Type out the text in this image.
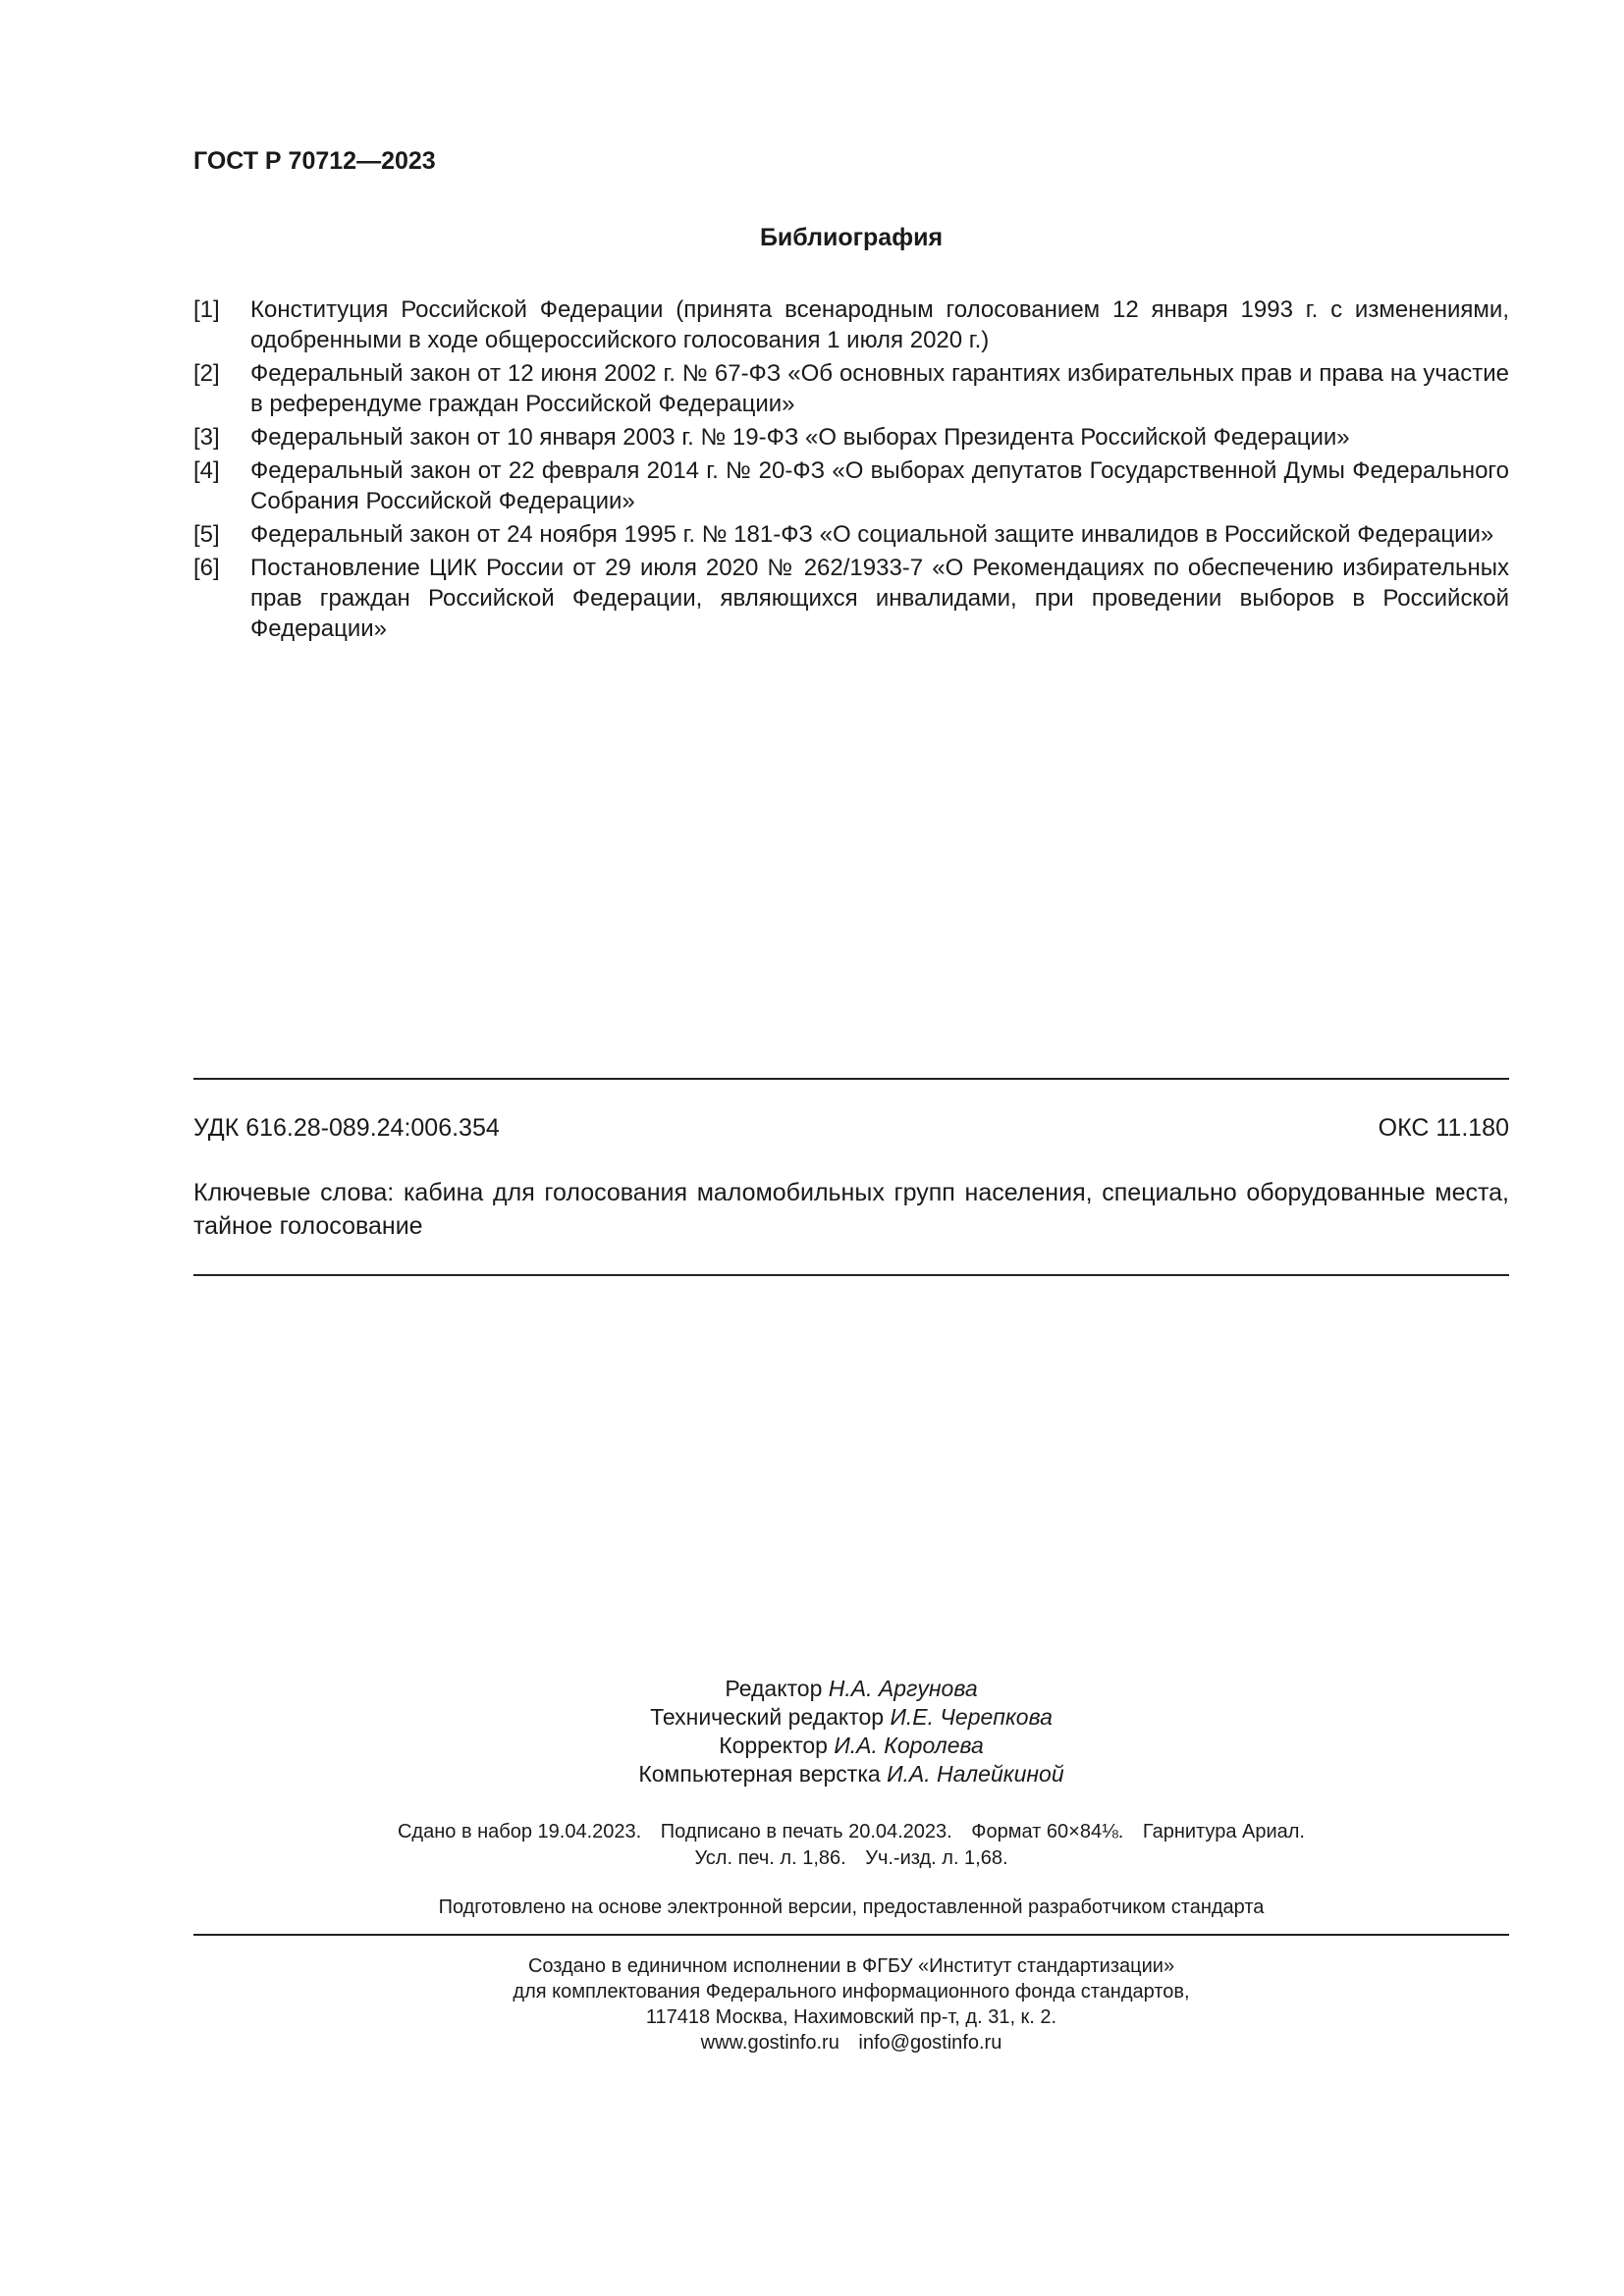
ГОСТ Р 70712—2023
Библиография
[1]	Конституция Российской Федерации (принята всенародным голосованием 12 января 1993 г. с изменениями, одобренными в ходе общероссийского голосования 1 июля 2020 г.)
[2]	Федеральный закон от 12 июня 2002 г. № 67-ФЗ «Об основных гарантиях избирательных прав и права на участие в референдуме граждан Российской Федерации»
[3]	Федеральный закон от 10 января 2003 г. № 19-ФЗ «О выборах Президента Российской Федерации»
[4]	Федеральный закон от 22 февраля 2014 г. № 20-ФЗ «О выборах депутатов Государственной Думы Федерального Собрания Российской Федерации»
[5]	Федеральный закон от 24 ноября 1995 г. № 181-ФЗ «О социальной защите инвалидов в Российской Федерации»
[6]	Постановление ЦИК России от 29 июля 2020 № 262/1933-7 «О Рекомендациях по обеспечению избирательных прав граждан Российской Федерации, являющихся инвалидами, при проведении выборов в Российской Федерации»
УДК 616.28-089.24:006.354	ОКС 11.180
Ключевые слова: кабина для голосования маломобильных групп населения, специально оборудованные места, тайное голосование
Редактор Н.А. Аргунова
Технический редактор И.Е. Черепкова
Корректор И.А. Королева
Компьютерная верстка И.А. Налейкиной
Сдано в набор 19.04.2023. Подписано в печать 20.04.2023. Формат 60×84⅛. Гарнитура Ариал.
Усл. печ. л. 1,86. Уч.-изд. л. 1,68.
Подготовлено на основе электронной версии, предоставленной разработчиком стандарта
Создано в единичном исполнении в ФГБУ «Институт стандартизации»
для комплектования Федерального информационного фонда стандартов,
117418 Москва, Нахимовский пр-т, д. 31, к. 2.
www.gostinfo.ru info@gostinfo.ru
